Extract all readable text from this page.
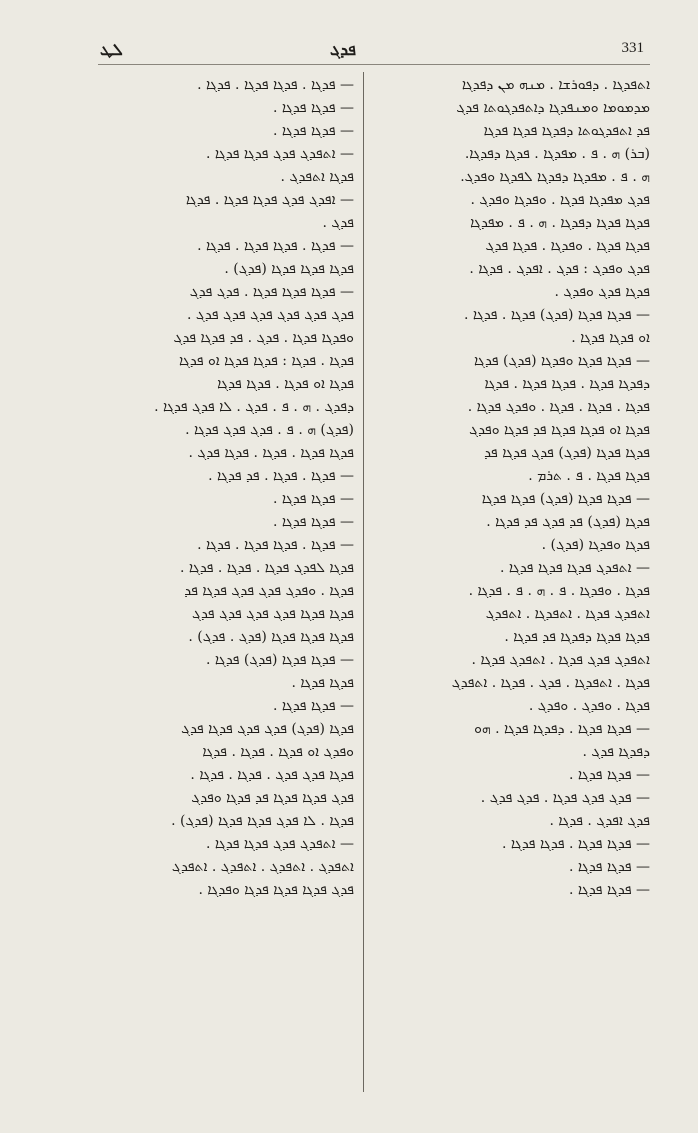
ܠܛ	ܦܕܓ	331
ܐܬܦܕܓܐ . ܕܦܘܪܫܐ . ܡܢܗ ܡܢ ܕܦܕܓܐ
ܡܕܡܘܡܐ ܘܡܢܦܕܓܐ ܕܐܬܦܕܓܘܬܐ ܦܕܓ
ܦܕ ܐܬܦܕܓܘܬܐ ܕܦܕܓܐ ܦܕܓܐ ܦܕܓܐ
(ܒܪ) ܗ . ܦ . ܡܦܕܓܐ . ܦܕܓܐ ܕܦܕܓܐ.
ܗ . ܦ . ܡܦܕܓܐ ܕܦܕܓܐ ܠܦܕܓܐ ܘܦܕܓ.
ܦܕܓ ܡܦܕܓܐ ܦܕܓܐ . ܘܦܕܓܐ ܘܦܕܓ .
ܦܕܓܐ ܦܕܓܐ ܕܦܕܓܐ . ܗ . ܦ . ܡܦܕܓܐ
ܦܕܓܐ ܦܕܓܐ . ܘܦܕܓܐ . ܦܕܓܐ ܦܕܓ
ܦܕܓ ܘܦܕܓ : ܦܕܓ . ܐܦܕܓ . ܦܕܓܐ .
ܦܕܓܐ ܦܕܓ ܘܦܕܓ .
— ܦܕܓܐ ܦܕܓܐ (ܦܕܓ) ܦܕܓܐ . ܦܕܓܐ .
ܐܘ ܦܕܓܐ ܦܕܓܐ .
— ܦܕܓܐ ܦܕܓܐ ܘܦܕܓܐ (ܦܕܓ) ܦܕܓܐ
ܕܦܕܓܐ ܦܕܓܐ . ܦܕܓܐ ܦܕܓܐ . ܦܕܓܐ
ܦܕܓܐ . ܦܕܓܐ . ܦܕܓܐ . ܘܦܕܓ ܦܕܓܐ .
ܦܕܓܐ ܐܘ ܦܕܓܐ ܦܕܓܐ ܦܕ ܦܕܓܐ ܘܦܕܓ
ܦܕܓܐ ܦܕܓܐ (ܦܕܓ) ܦܕܓ ܦܕܓܐ ܦܕ
ܦܕܓܐ ܦܕܓܐ . ܦ . ܬܪܡ .
— ܦܕܓܐ ܦܕܓܐ (ܦܕܓ) ܦܕܓܐ ܦܕܓܐ
ܦܕܓܐ (ܦܕܓ) ܦܕ ܦܕܓ ܦܕ ܦܕܓܐ .
ܦܕܓܐ ܘܦܕܓܐ (ܦܕܓ) .
— ܐܬܦܕܓ ܦܕܓܐ ܦܕܓܐ ܦܕܓܐ .
ܦܕܓܐ . ܘܦܕܓܐ . ܦ . ܗ . ܦ . ܦܕܓܐ .
ܐܬܦܕܓ ܦܕܓܐ . ܐܬܦܕܓܐ . ܐܬܦܕܓ
ܦܕܓܐ ܦܕܓܐ ܕܦܕܓܐ ܦܕ ܦܕܓܐ .
ܐܬܦܕܓ ܦܕܓ ܦܕܓܐ . ܐܬܦܕܓ ܦܕܓܐ .
ܦܕܓܐ . ܐܬܦܕܓܐ . ܦܕܓ . ܦܕܓܐ . ܐܬܦܕܓ
ܦܕܓܐ . ܘܦܕܓ . ܘܦܕܓ .
— ܦܕܓܐ ܦܕܓܐ . ܕܦܕܓܐ ܦܕܓܐ . ܗܘ
ܕܦܕܓܐ ܦܕܓ .
— ܦܕܓܐ ܦܕܓܐ .
— ܦܕܓ ܦܕܓ ܦܕܓܐ . ܦܕܓ ܦܕܓ .
ܦܕܓ ܐܦܕܓ . ܦܕܓܐ .
— ܦܕܓܐ ܦܕܓܐ . ܦܕܓܐ ܦܕܓܐ .
— ܦܕܓܐ ܦܕܓܐ .
— ܦܕܓܐ ܦܕܓܐ .
— ܦܕܓܐ . ܦܕܓܐ ܦܕܓܐ . ܦܕܓܐ .
— ܦܕܓܐ ܦܕܓܐ .
— ܦܕܓܐ ܦܕܓܐ .
— ܐܬܦܕܓ ܦܕܓ ܦܕܓܐ ܦܕܓܐ .
ܦܕܓܐ ܐܬܦܕܓ .
— ܐܦܕܓ ܦܕܓ ܦܕܓܐ ܦܕܓܐ . ܦܕܓܐ
ܦܕܓ .
— ܦܕܓܐ . ܦܕܓܐ ܦܕܓܐ . ܦܕܓܐ .
ܦܕܓܐ ܦܕܓܐ ܦܕܓܐ (ܦܕܓ) .
— ܦܕܓܐ ܦܕܓܐ ܦܕܓܐ . ܦܕܓ ܦܕܓ
ܦܕܓ ܦܕܓ ܦܕܓ ܦܕܓ ܦܕܓ ܦܕܓ .
ܘܦܕܓܐ ܦܕܓܐ . ܦܕܓ . ܦܕ ܦܕܓܐ ܦܕܓ
ܦܕܓܐ . ܦܕܓܐ : ܦܕܓܐ ܦܕܓܐ ܐܘ ܦܕܓܐ
ܦܕܓܐ ܐܘ ܦܕܓܐ . ܦܕܓܐ ܦܕܓܐ
ܕܦܕܓ . ܗ . ܦ . ܦܕܓ . ܠܐ ܦܕܓ ܦܕܓܐ .
(ܦܕܓ) ܗ . ܦ . ܦܕܓ ܦܕܓ ܦܕܓܐ .
ܦܕܓܐ ܦܕܓܐ . ܦܕܓܐ . ܦܕܓܐ ܦܕܓ .
— ܦܕܓܐ . ܦܕܓܐ . ܦܕ ܦܕܓܐ .
— ܦܕܓܐ ܦܕܓܐ .
— ܦܕܓܐ ܦܕܓܐ .
— ܦܕܓܐ . ܦܕܓܐ ܦܕܓܐ . ܦܕܓܐ .
ܦܕܓܐ ܠܦܕܓ ܦܕܓܐ . ܦܕܓܐ . ܦܕܓܐ .
ܦܕܓܐ . ܘܦܕܓ ܦܕܓ ܦܕܓ ܦܕܓܐ ܦܕ
ܦܕܓܐ ܦܕܓܐ ܦܕܓ ܦܕܓ ܦܕܓ ܦܕܓ
ܦܕܓܐ ܦܕܓܐ ܦܕܓܐ (ܦܕܓ . ܦܕܓ) .
— ܦܕܓܐ ܦܕܓܐ (ܦܕܓ) ܦܕܓܐ .
ܦܕܓܐ ܦܕܓܐ .
— ܦܕܓܐ ܦܕܓܐ .
ܦܕܓܐ (ܦܕܓ) ܦܕܓ ܦܕܓ ܦܕܓܐ ܦܕܓ
ܘܦܕܓ ܐܘ ܦܕܓܐ . ܦܕܓܐ . ܦܕܓܐ
ܦܕܓܐ ܦܕܓ ܦܕܓ . ܦܕܓܐ . ܦܕܓܐ .
ܦܕܓ ܦܕܓܐ ܦܕܓܐ ܦܕ ܦܕܓܐ ܘܦܕܓ
ܦܕܓܐ . ܠܐ ܦܕܓ ܦܕܓܐ ܦܕܓܐ (ܦܕܓ) .
— ܐܬܦܕܓ ܦܕܓ ܦܕܓܐ ܦܕܓܐ .
ܐܬܦܕܓ . ܐܬܦܕܓ . ܐܬܦܕܓ . ܐܬܦܕܓ
ܦܕܓ ܦܕܓܐ ܦܕܓܐ ܦܕܓܐ ܘܦܕܓܐ .
